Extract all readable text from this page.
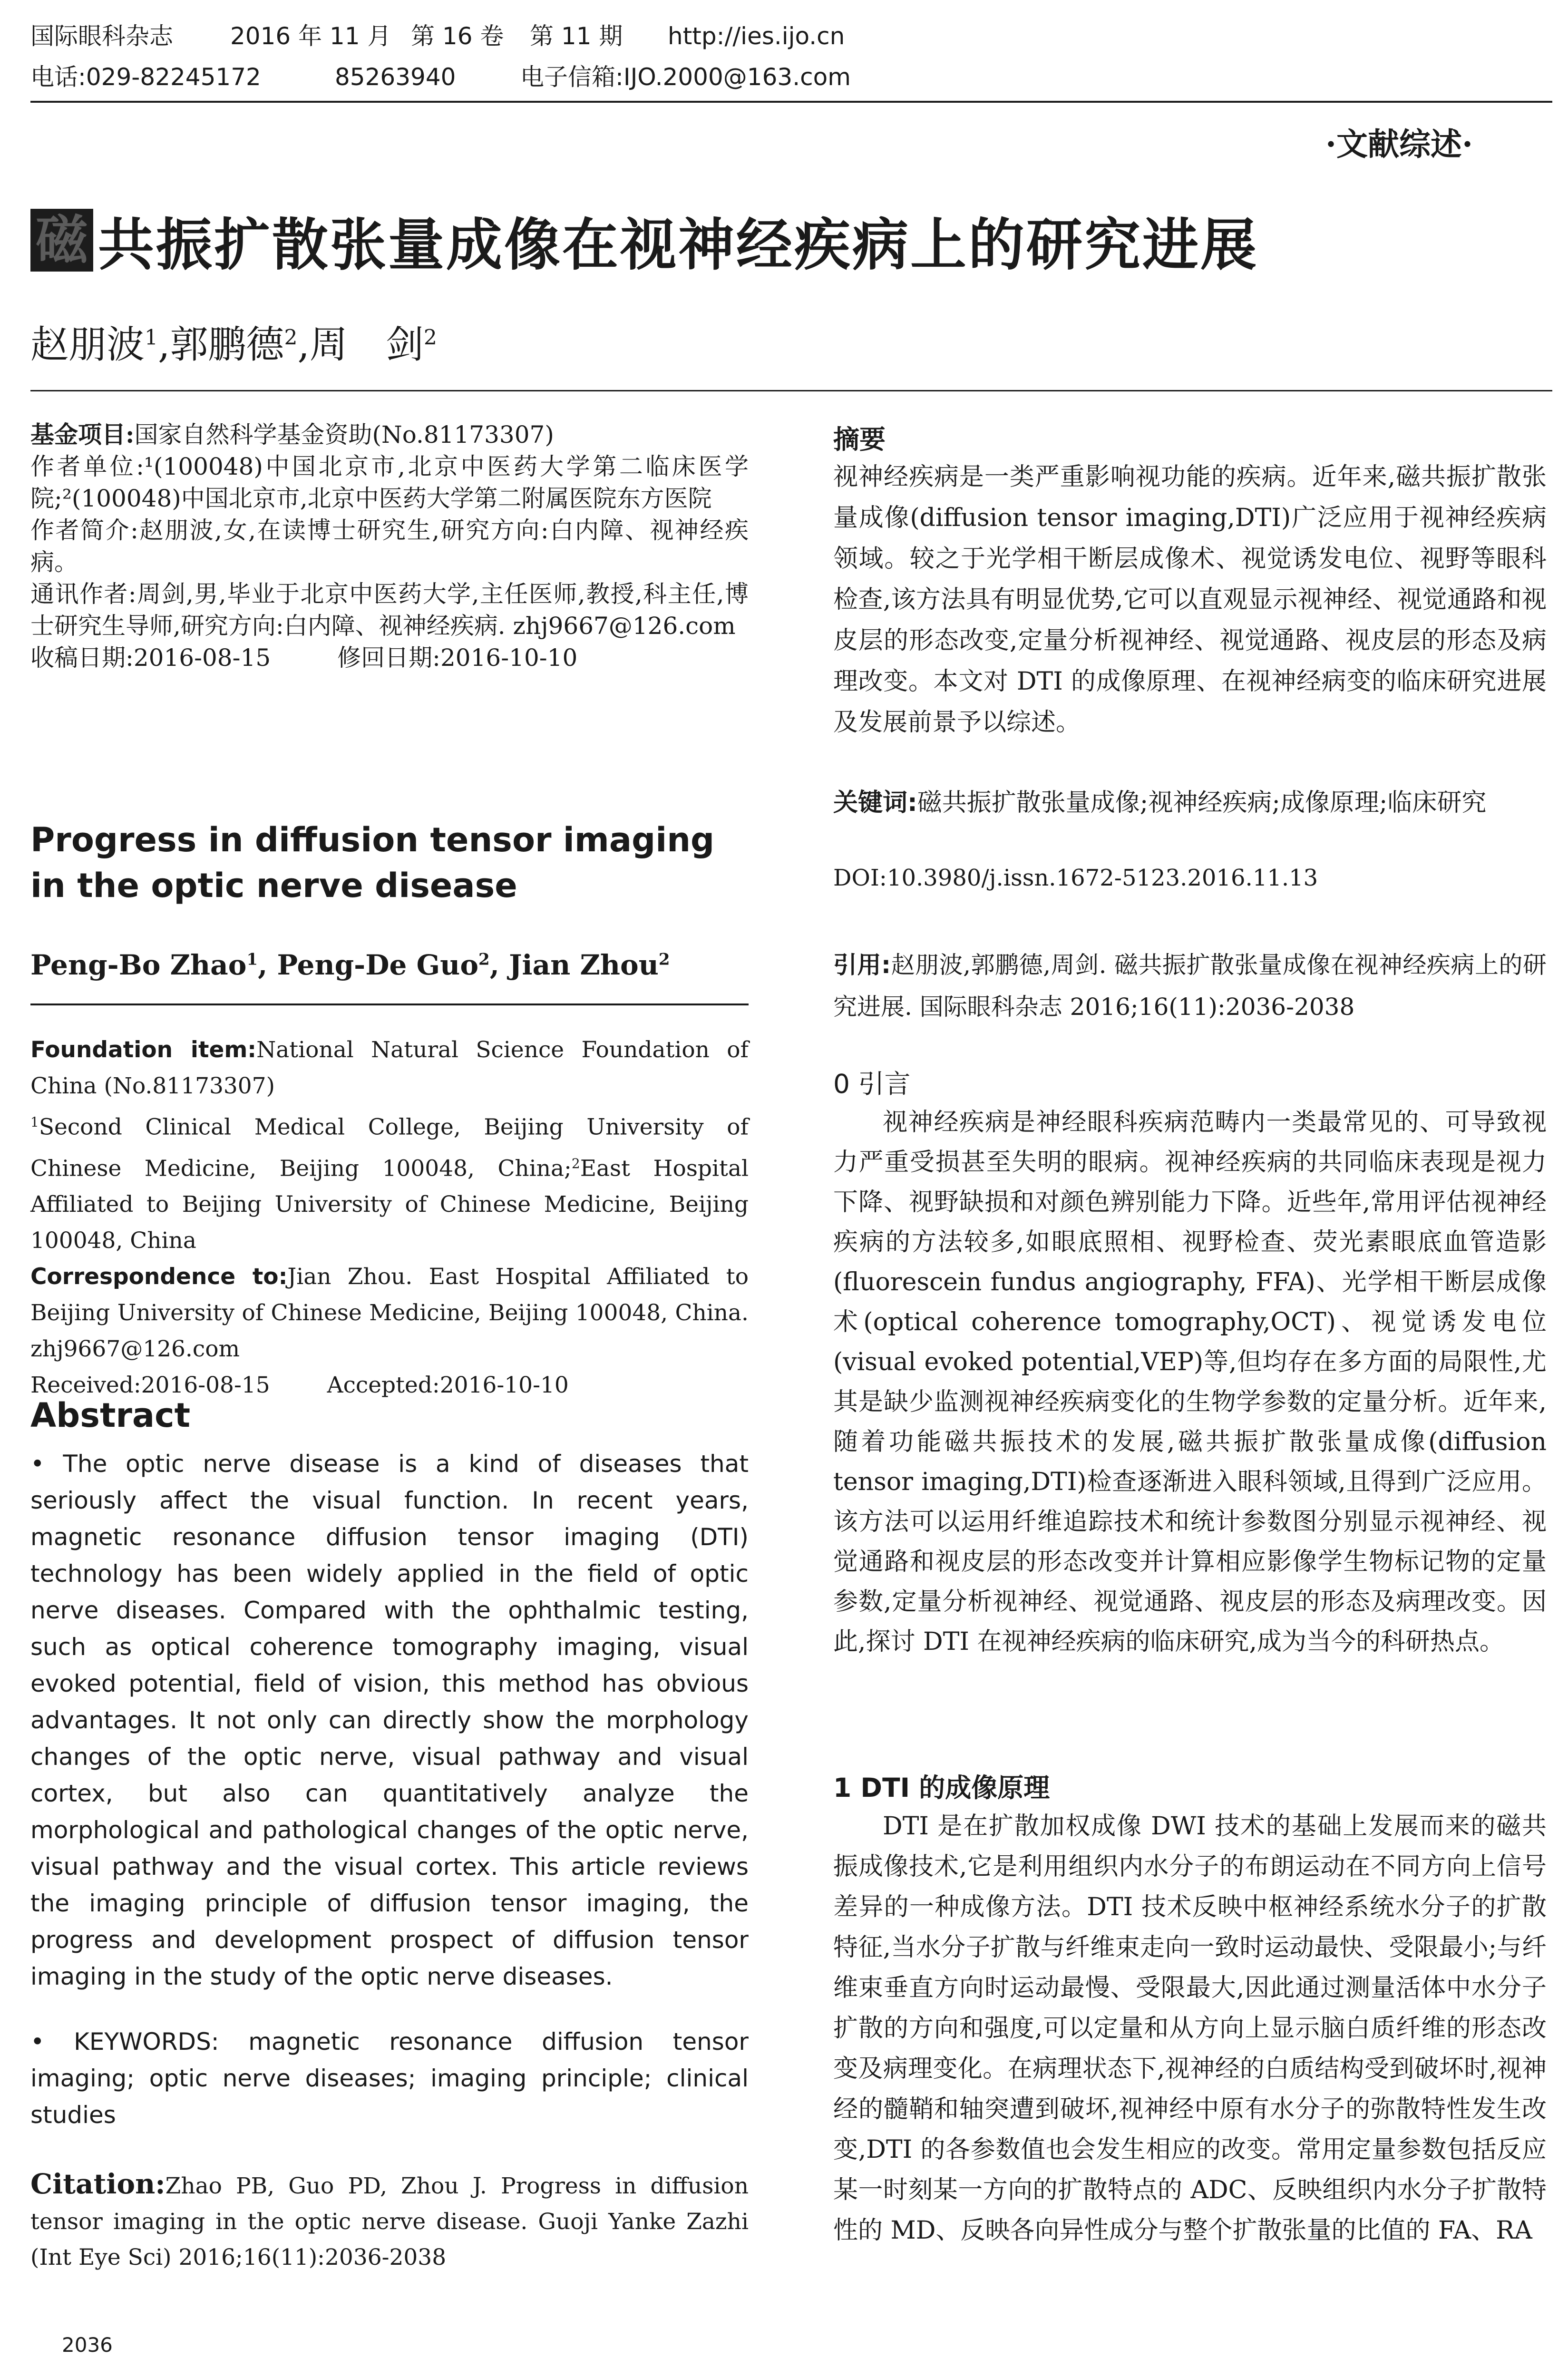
国际眼科杂志 2016 年 11 月 第 16 卷 第 11 期 http://ies.ijo.cn
电话:029-82245172	85263940	电子信箱:IJO.2000@163.com
·文献综述·
磁 共振扩散张量成像在视神经疾病上的研究进展
赵朋波$^1$,郭鹏德$^2$,周　剑$^2$
基金项目:国家自然科学基金资助(No.81173307)
作者单位:¹(100048)中国北京市,北京中医药大学第二临床医学院;²(100048)中国北京市,北京中医药大学第二附属医院东方医院
作者简介:赵朋波,女,在读博士研究生,研究方向:白内障、视神经疾病。
通讯作者:周剑,男,毕业于北京中医药大学,主任医师,教授,科主任,博士研究生导师,研究方向:白内障、视神经疾病. zhj9667@126.com
收稿日期:2016-08-15	修回日期:2016-10-10
Progress in diffusion tensor imaging in the optic nerve disease
Peng-Bo Zhao$^1$, Peng-De Guo$^2$, Jian Zhou$^2$
Foundation item:National Natural Science Foundation of China (No.81173307)
$^1$Second Clinical Medical College, Beijing University of Chinese Medicine, Beijing 100048, China;$^2$East Hospital Affiliated to Beijing University of Chinese Medicine, Beijing 100048, China
Correspondence to:Jian Zhou. East Hospital Affiliated to Beijing University of Chinese Medicine, Beijing 100048, China. zhj9667@126.com
Received:2016-08-15	Accepted:2016-10-10
Abstract
• The optic nerve disease is a kind of diseases that seriously affect the visual function. In recent years, magnetic resonance diffusion tensor imaging (DTI) technology has been widely applied in the field of optic nerve diseases. Compared with the ophthalmic testing, such as optical coherence tomography imaging, visual evoked potential, field of vision, this method has obvious advantages. It not only can directly show the morphology changes of the optic nerve, visual pathway and visual cortex, but also can quantitatively analyze the morphological and pathological changes of the optic nerve, visual pathway and the visual cortex. This article reviews the imaging principle of diffusion tensor imaging, the progress and development prospect of diffusion tensor imaging in the study of the optic nerve diseases.
• KEYWORDS: magnetic resonance diffusion tensor imaging; optic nerve diseases; imaging principle; clinical studies
Citation:Zhao PB, Guo PD, Zhou J. Progress in diffusion tensor imaging in the optic nerve disease. Guoji Yanke Zazhi (Int Eye Sci) 2016;16(11):2036-2038
2036
摘要
视神经疾病是一类严重影响视功能的疾病。近年来,磁共振扩散张量成像(diffusion tensor imaging,DTI)广泛应用于视神经疾病领域。较之于光学相干断层成像术、视觉诱发电位、视野等眼科检查,该方法具有明显优势,它可以直观显示视神经、视觉通路和视皮层的形态改变,定量分析视神经、视觉通路、视皮层的形态及病理改变。本文对 DTI 的成像原理、在视神经病变的临床研究进展及发展前景予以综述。
关键词:磁共振扩散张量成像;视神经疾病;成像原理;临床研究
DOI:10.3980/j.issn.1672-5123.2016.11.13
引用:赵朋波,郭鹏德,周剑. 磁共振扩散张量成像在视神经疾病上的研究进展. 国际眼科杂志 2016;16(11):2036-2038
0 引言
视神经疾病是神经眼科疾病范畴内一类最常见的、可导致视力严重受损甚至失明的眼病。视神经疾病的共同临床表现是视力下降、视野缺损和对颜色辨别能力下降。近些年,常用评估视神经疾病的方法较多,如眼底照相、视野检查、荧光素眼底血管造影(fluorescein fundus angiography, FFA)、光学相干断层成像术(optical coherence tomography,OCT)、视觉诱发电位(visual evoked potential,VEP)等,但均存在多方面的局限性,尤其是缺少监测视神经疾病变化的生物学参数的定量分析。近年来,随着功能磁共振技术的发展,磁共振扩散张量成像(diffusion tensor imaging,DTI)检查逐渐进入眼科领域,且得到广泛应用。该方法可以运用纤维追踪技术和统计参数图分别显示视神经、视觉通路和视皮层的形态改变并计算相应影像学生物标记物的定量参数,定量分析视神经、视觉通路、视皮层的形态及病理改变。因此,探讨 DTI 在视神经疾病的临床研究,成为当今的科研热点。
1 DTI 的成像原理
DTI 是在扩散加权成像 DWI 技术的基础上发展而来的磁共振成像技术,它是利用组织内水分子的布朗运动在不同方向上信号差异的一种成像方法。DTI 技术反映中枢神经系统水分子的扩散特征,当水分子扩散与纤维束走向一致时运动最快、受限最小;与纤维束垂直方向时运动最慢、受限最大,因此通过测量活体中水分子扩散的方向和强度,可以定量和从方向上显示脑白质纤维的形态改变及病理变化。在病理状态下,视神经的白质结构受到破坏时,视神经的髓鞘和轴突遭到破坏,视神经中原有水分子的弥散特性发生改变,DTI 的各参数值也会发生相应的改变。常用定量参数包括反应某一时刻某一方向的扩散特点的 ADC、反映组织内水分子扩散特性的 MD、反映各向异性成分与整个扩散张量的比值的 FA、RA
